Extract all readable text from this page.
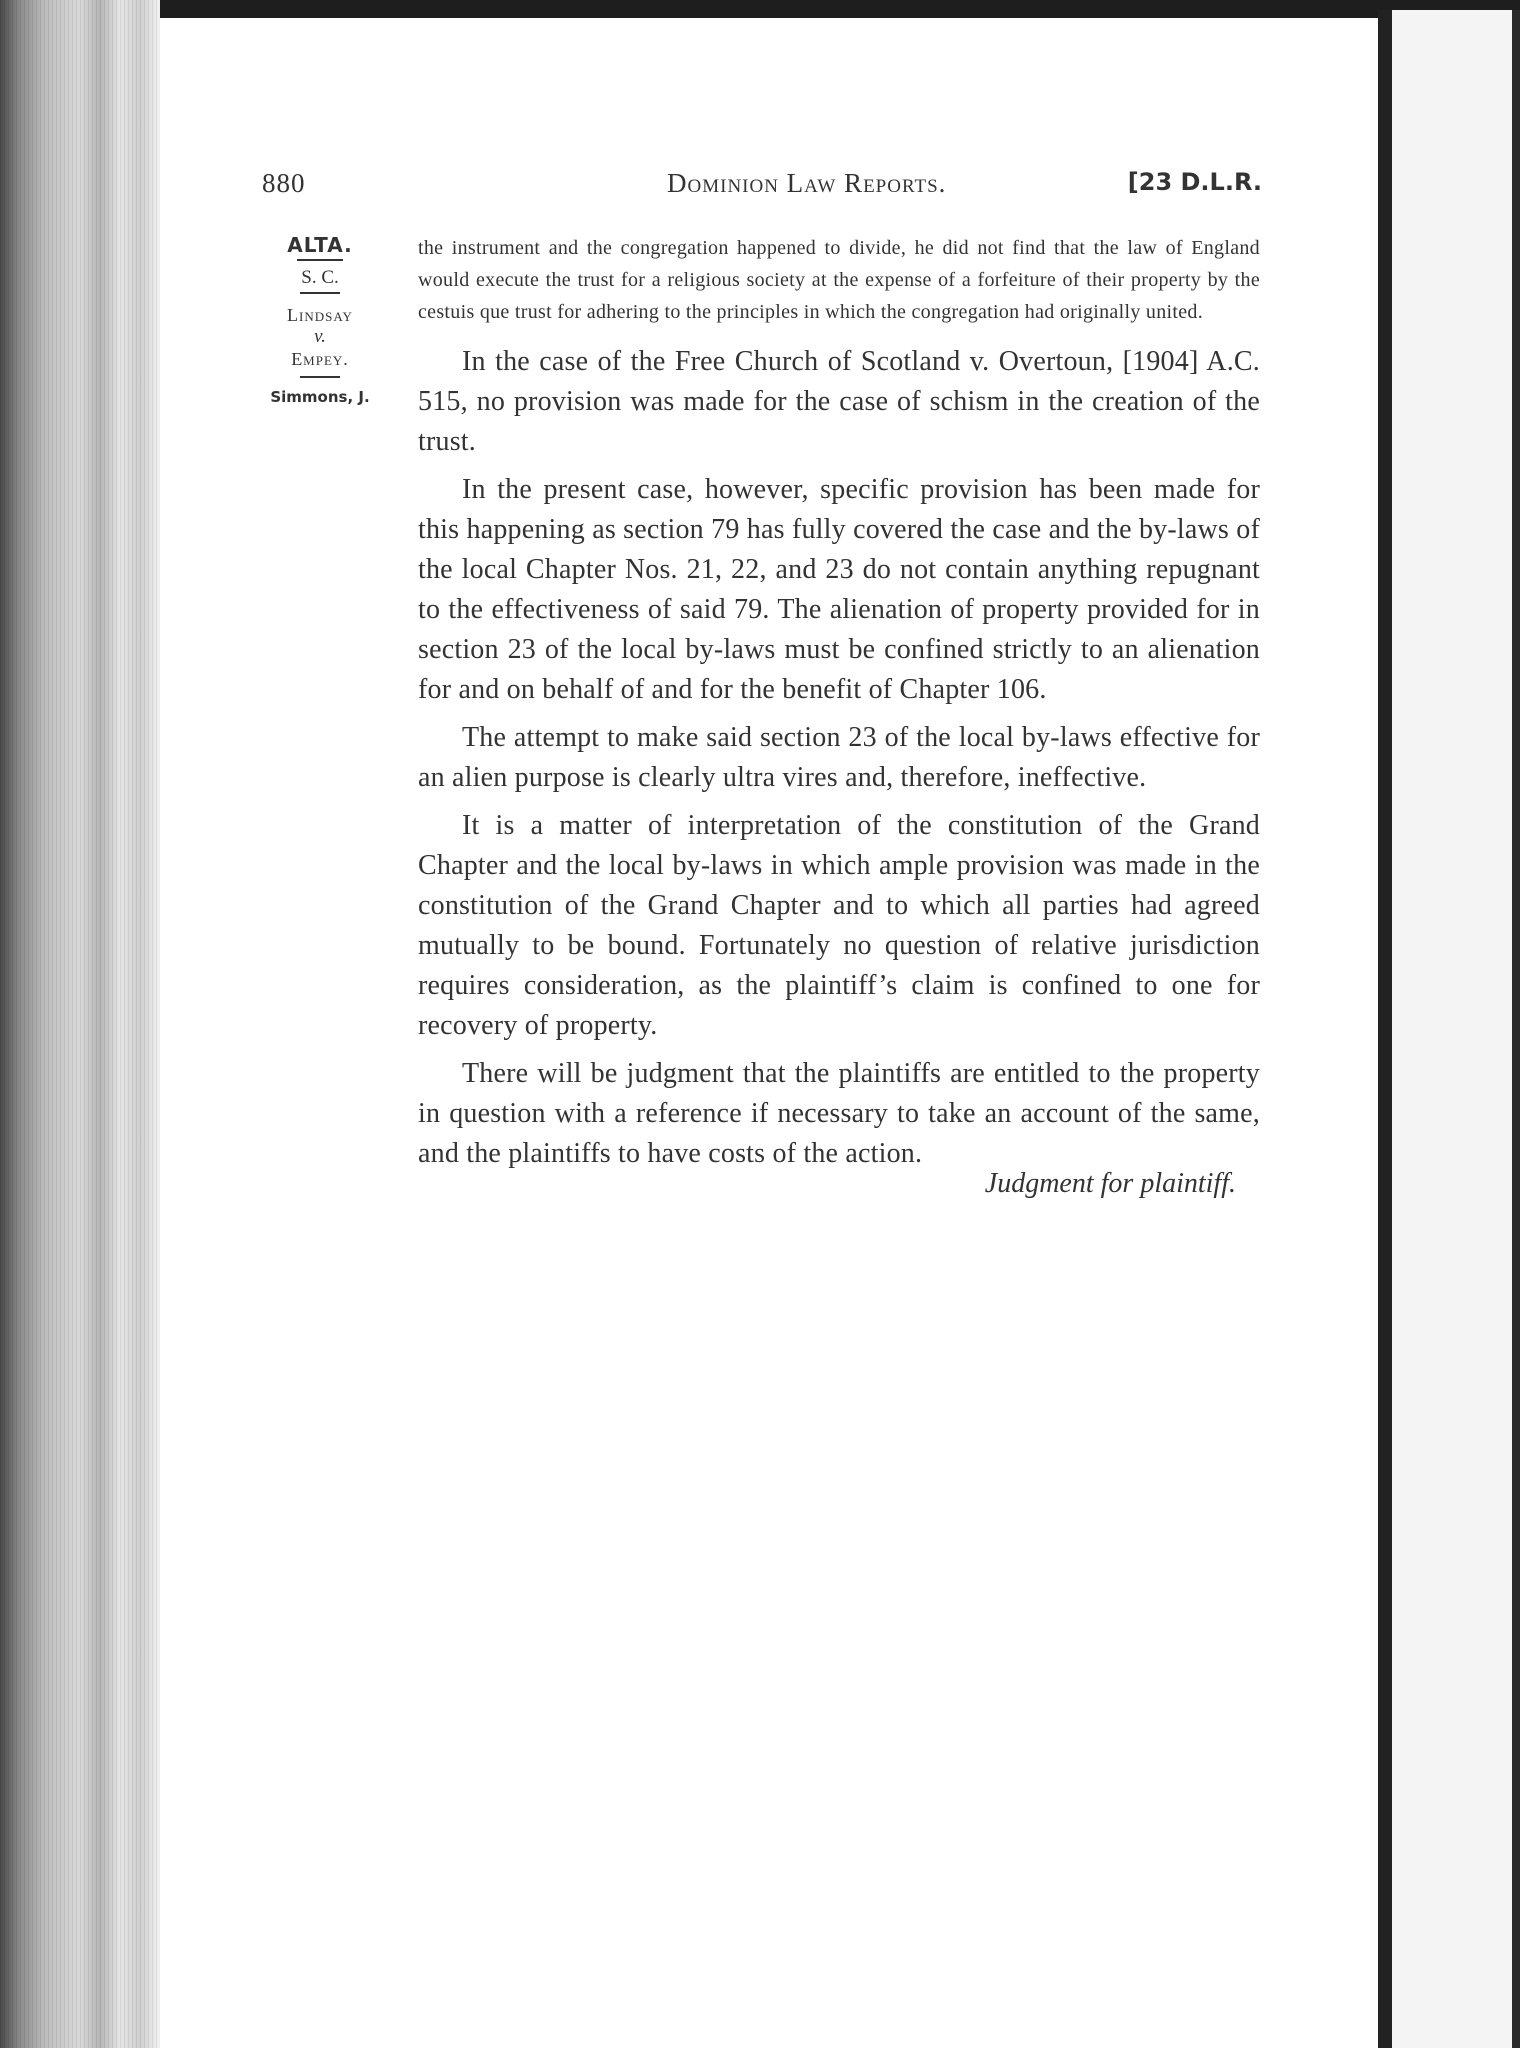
880	Dominion Law Reports.	[23 D.L.R.
ALTA.
S. C.
Lindsay
v.
Empey.
Simmons, J.

the instrument and the congregation happened to divide, he did not find that the law of England would execute the trust for a religious society at the expense of a forfeiture of their property by the cestuis que trust for adhering to the principles in which the congregation had originally united.

In the case of the Free Church of Scotland v. Overtoun, [1904] A.C. 515, no provision was made for the case of schism in the creation of the trust.

In the present case, however, specific provision has been made for this happening as section 79 has fully covered the case and the by-laws of the local Chapter Nos. 21, 22, and 23 do not contain anything repugnant to the effectiveness of said 79. The alienation of property provided for in section 23 of the local by-laws must be confined strictly to an alienation for and on behalf of and for the benefit of Chapter 106.

The attempt to make said section 23 of the local by-laws effective for an alien purpose is clearly ultra vires and, therefore, ineffective.

It is a matter of interpretation of the constitution of the Grand Chapter and the local by-laws in which ample provision was made in the constitution of the Grand Chapter and to which all parties had agreed mutually to be bound. Fortunately no question of relative jurisdiction requires consideration, as the plaintiff’s claim is confined to one for recovery of property.

There will be judgment that the plaintiffs are entitled to the property in question with a reference if necessary to take an account of the same, and the plaintiffs to have costs of the action.

Judgment for plaintiff.
